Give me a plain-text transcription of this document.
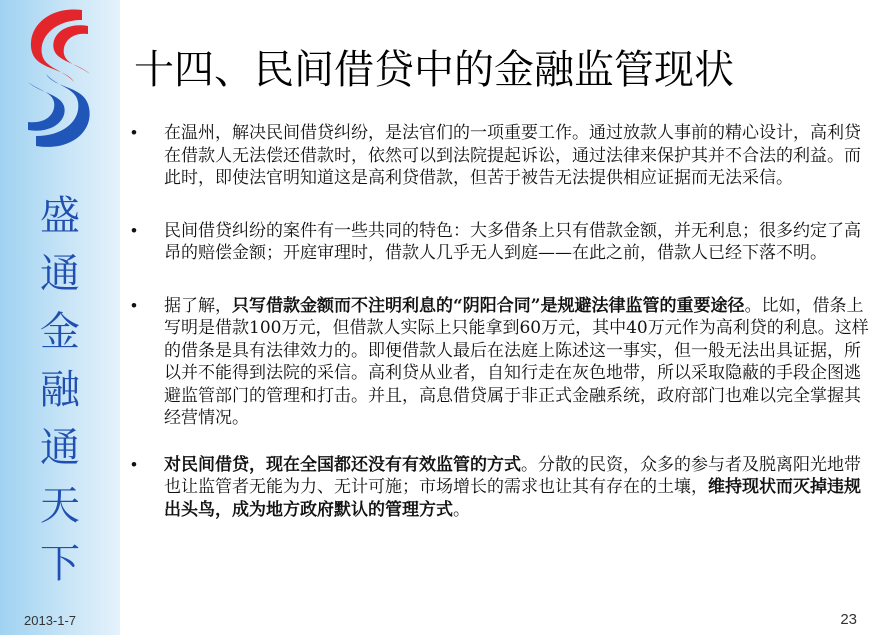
盛
通
金
融
通
天
下
2013-1-7
十四、民间借贷中的金融监管现状
• 在温州，解决民间借贷纠纷，是法官们的一项重要工作。通过放款人事前的精心设计，高利贷在借款人无法偿还借款时，依然可以到法院提起诉讼，通过法律来保护其并不合法的利益。而此时，即使法官明知道这是高利贷借款，但苦于被告无法提供相应证据而无法采信。
• 民间借贷纠纷的案件有一些共同的特色：大多借条上只有借款金额，并无利息；很多约定了高昂的赔偿金额；开庭审理时，借款人几乎无人到庭——在此之前，借款人已经下落不明。
• 据了解，只写借款金额而不注明利息的“阴阳合同”是规避法律监管的重要途径。比如，借条上写明是借款100万元，但借款人实际上只能拿到60万元，其中40万元作为高利贷的利息。这样的借条是具有法律效力的。即便借款人最后在法庭上陈述这一事实，但一般无法出具证据，所以并不能得到法院的采信。高利贷从业者，自知行走在灰色地带，所以采取隐蔽的手段企图逃避监管部门的管理和打击。并且，高息借贷属于非正式金融系统，政府部门也难以完全掌握其经营情况。
• 对民间借贷，现在全国都还没有有效监管的方式。分散的民资，众多的参与者及脱离阳光地带也让监管者无能为力、无计可施；市场增长的需求也让其有存在的土壤，维持现状而灭掉违规出头鸟，成为地方政府默认的管理方式。
23
